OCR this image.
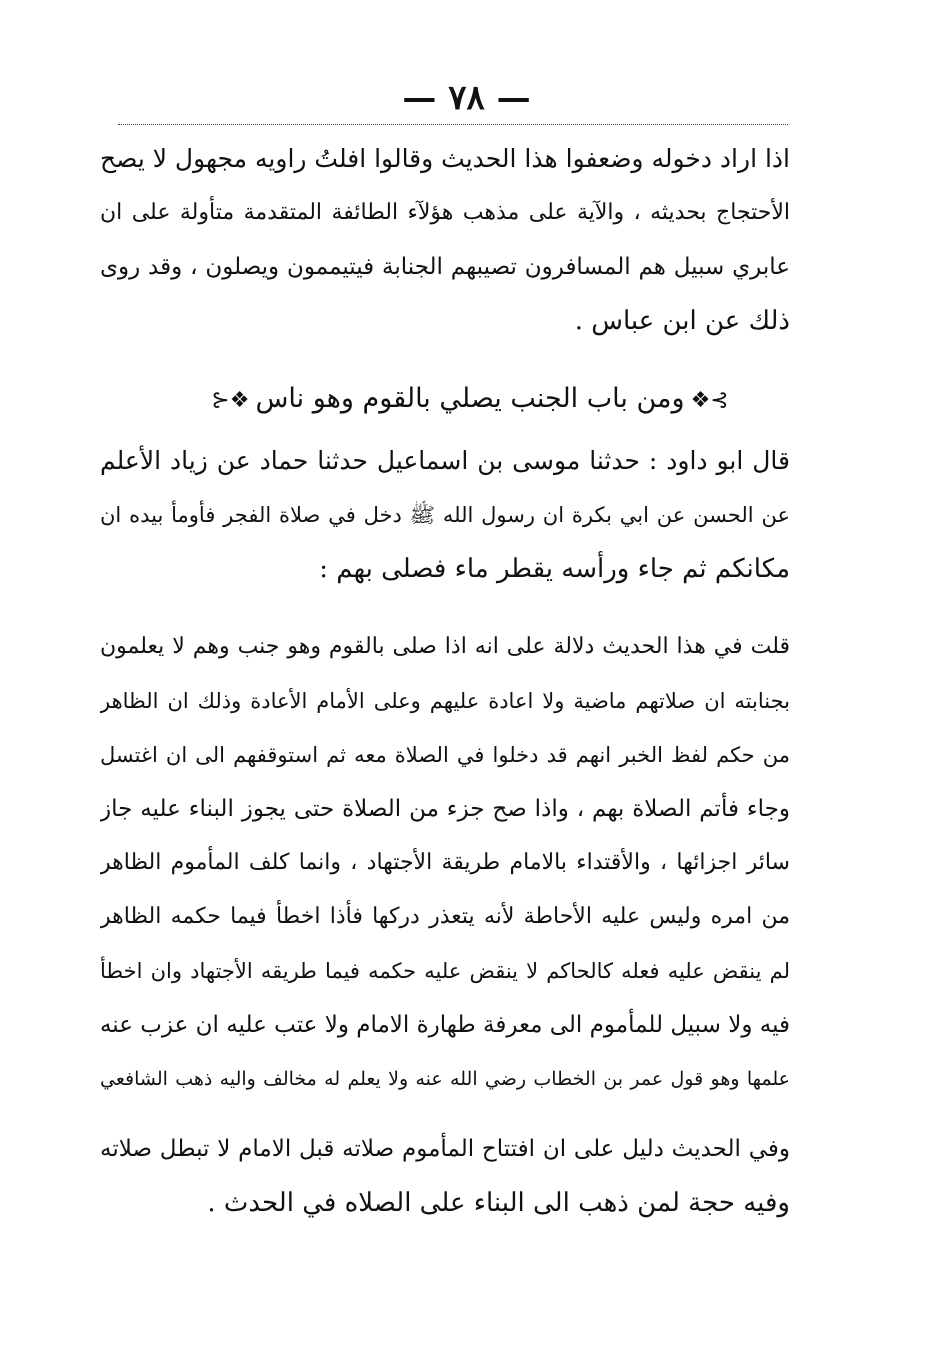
— ٧٨ —
اذا اراد دخوله وضعفوا هذا الحديث وقالوا افلتُ راويه مجهول لا يصح
الأحتجاج بحديثه ، والآية على مذهب هؤلآء الطائفة المتقدمة متأولة على ان
عابري سبيل هم المسافرون تصيبهم الجنابة فيتيممون ويصلون ، وقد روى
ذلك عن ابن عباس .
⊱❖ومن باب الجنب يصلي بالقوم وهو ناس❖⊰
قال ابو داود : حدثنا موسى بن اسماعيل حدثنا حماد عن زياد الأعلم
عن الحسن عن ابي بكرة ان رسول الله ﷺ دخل في صلاة الفجر فأومأ بيده ان
مكانكم ثم جاء ورأسه يقطر ماء فصلى بهم :
قلت في هذا الحديث دلالة على انه اذا صلى بالقوم وهو جنب وهم لا يعلمون
بجنابته ان صلاتهم ماضية ولا اعادة عليهم وعلى الأمام الأعادة وذلك ان الظاهر
من حكم لفظ الخبر انهم قد دخلوا في الصلاة معه ثم استوقفهم الى ان اغتسل
وجاء فأتم الصلاة بهم ، واذا صح جزء من الصلاة حتى يجوز البناء عليه جاز
سائر اجزائها ، والأقتداء بالامام طريقة الأجتهاد ، وانما كلف المأموم الظاهر
من امره وليس عليه الأحاطة لأنه يتعذر دركها فأذا اخطأ فيما حكمه الظاهر
لم ينقض عليه فعله كالحاكم لا ينقض عليه حكمه فيما طريقه الأجتهاد وان اخطأ
فيه ولا سبيل للمأموم الى معرفة طهارة الامام ولا عتب عليه ان عزب عنه
علمها وهو قول عمر بن الخطاب رضي الله عنه ولا يعلم له مخالف واليه ذهب الشافعي
وفي الحديث دليل على ان افتتاح المأموم صلاته قبل الامام لا تبطل صلاته
وفيه حجة لمن ذهب الى البناء على الصلاه في الحدث .
